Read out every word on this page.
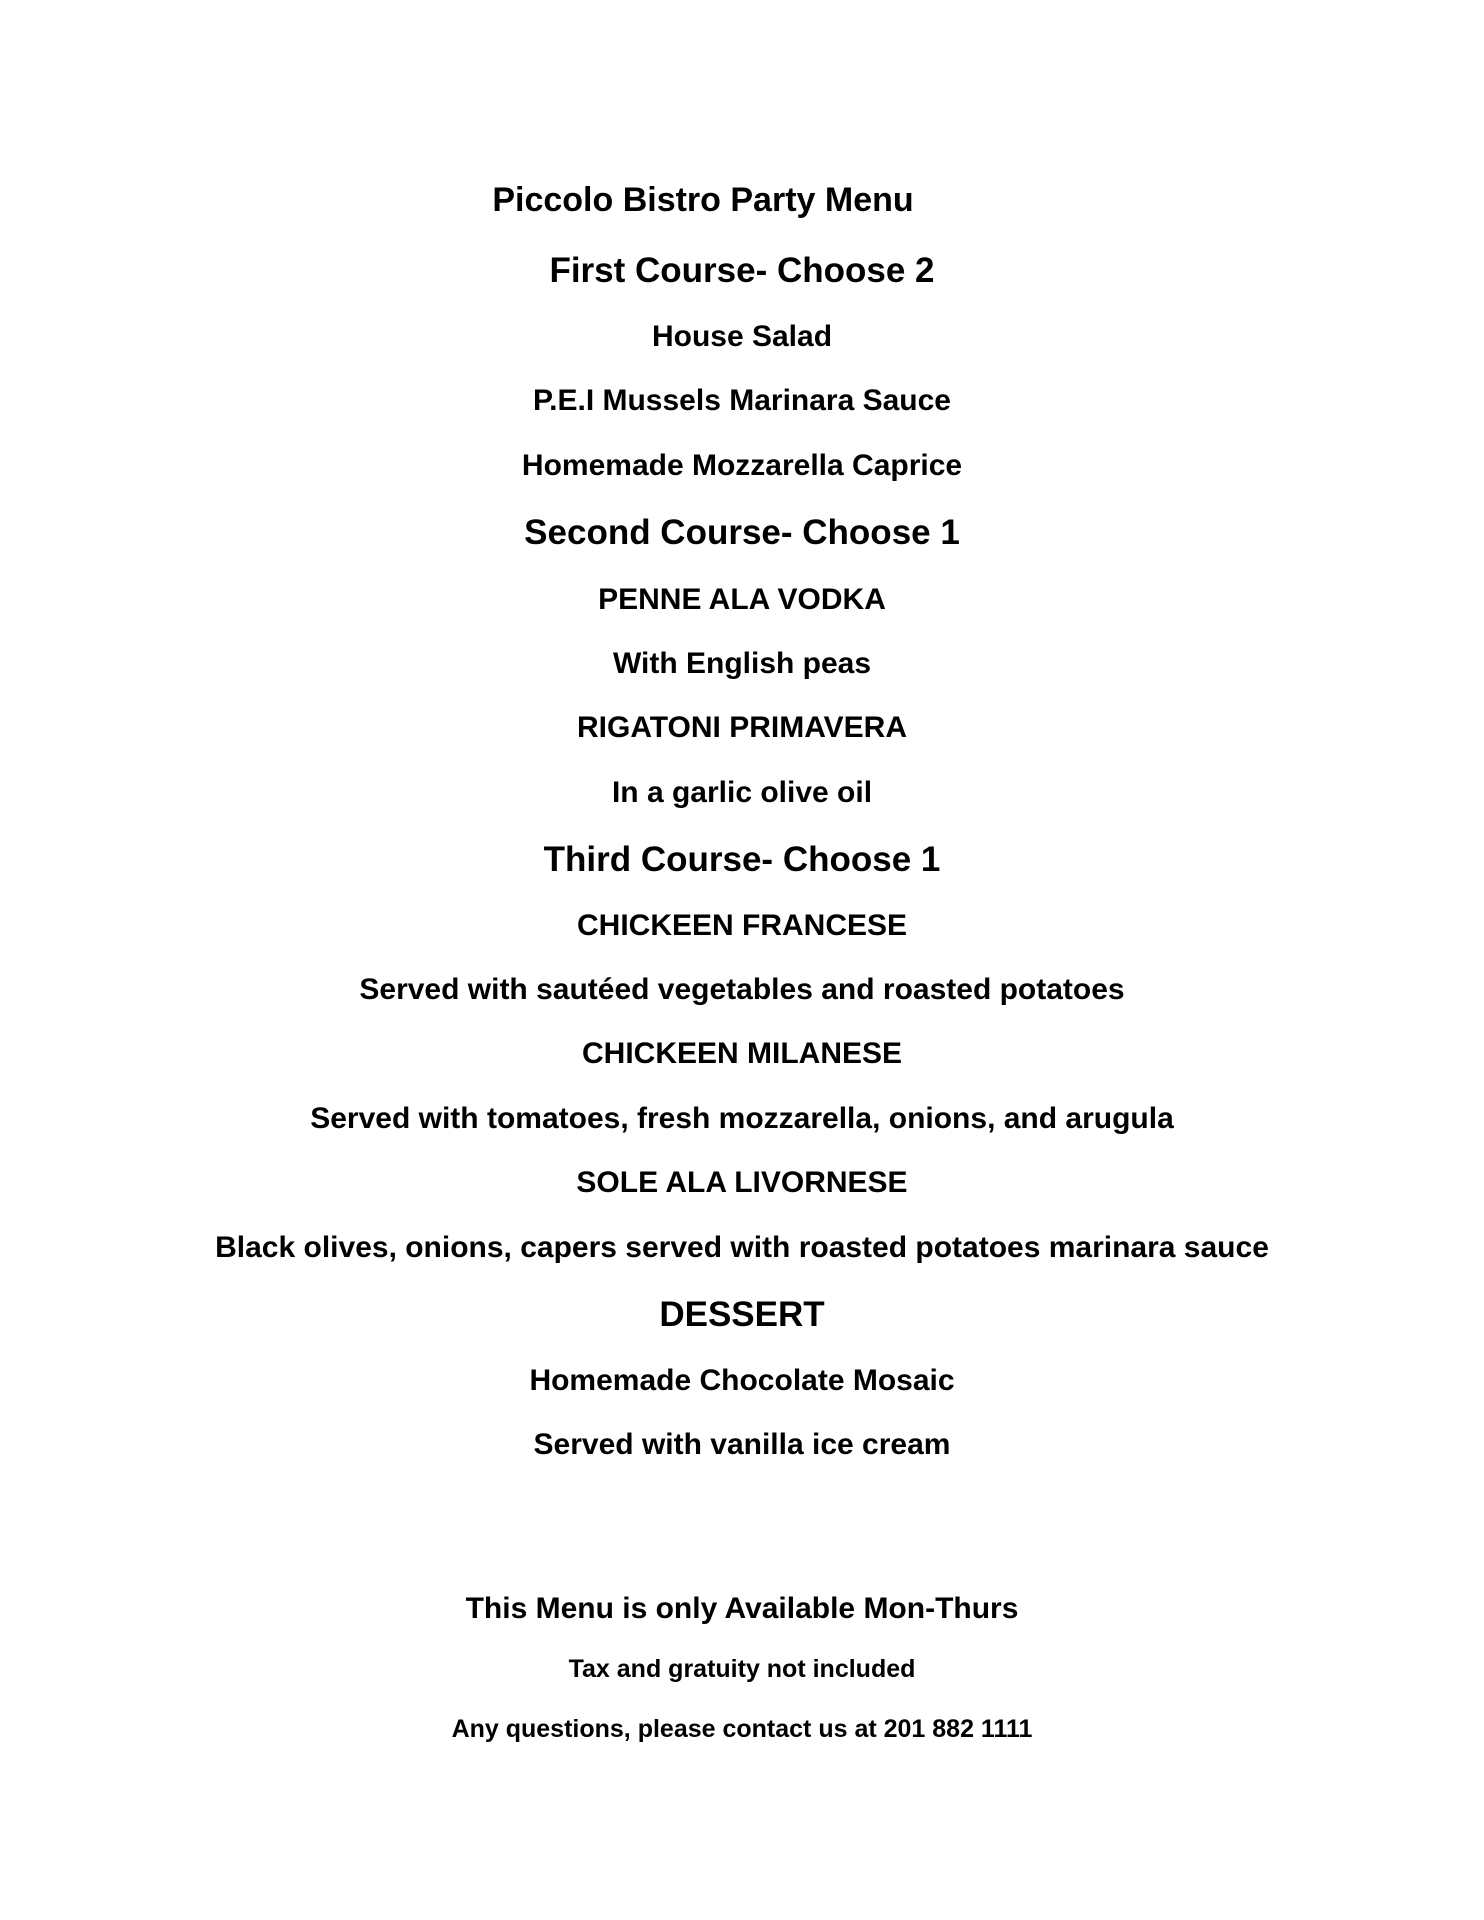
Piccolo Bistro Party Menu
First Course- Choose 2
House Salad
P.E.I Mussels Marinara Sauce
Homemade Mozzarella Caprice
Second Course- Choose 1
PENNE ALA VODKA
With English peas
RIGATONI PRIMAVERA
In a garlic olive oil
Third Course- Choose 1
CHICKEEN FRANCESE
Served with sautéed vegetables and roasted potatoes
CHICKEEN MILANESE
Served with tomatoes, fresh mozzarella, onions, and arugula
SOLE ALA LIVORNESE
Black olives, onions, capers served with roasted potatoes marinara sauce
DESSERT
Homemade Chocolate Mosaic
Served with vanilla ice cream
This Menu is only Available Mon-Thurs
Tax and gratuity not included
Any questions, please contact us at 201 882 1111
